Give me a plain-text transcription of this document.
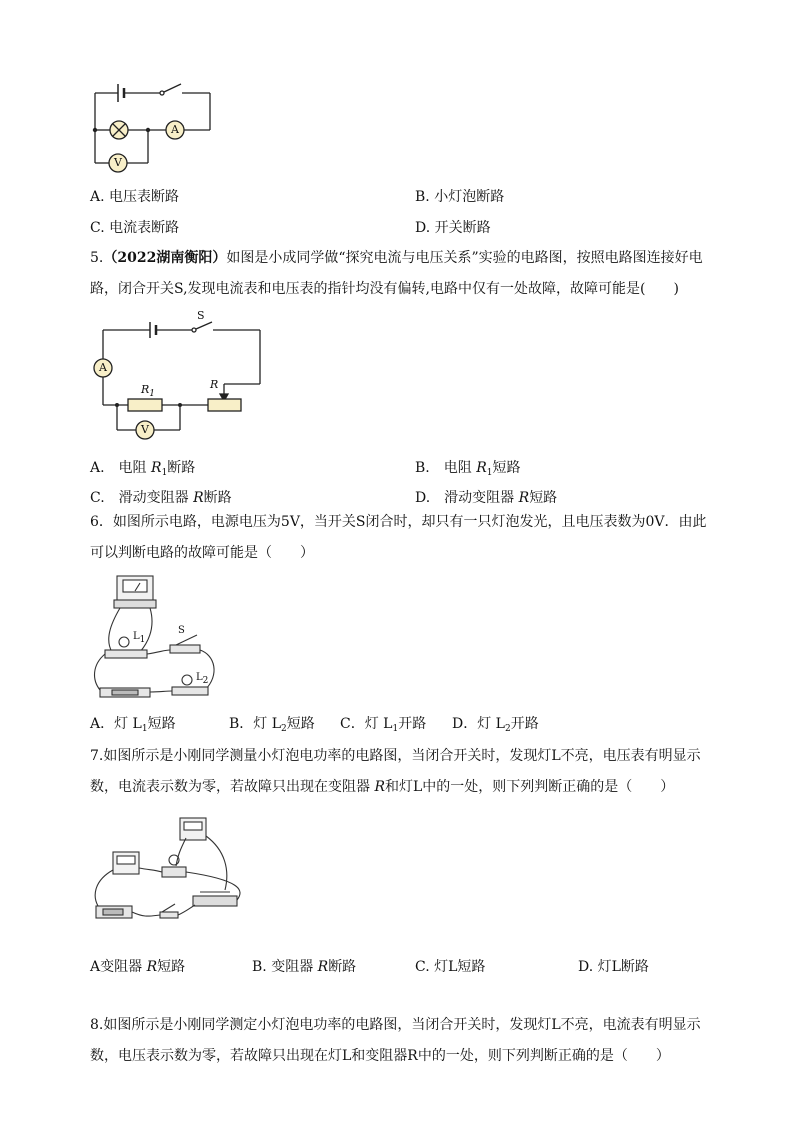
A
V
A. 电压表断路	B. 小灯泡断路
C. 电流表断路	D. 开关断路
5.（2022湖南衡阳）如图是小成同学做“探究电流与电压关系”实验的电路图，按照电路图连接好电路，闭合开关S,发现电流表和电压表的指针均没有偏转,电路中仅有一处故障，故障可能是(　　)
S
A
$R_1$
R
V
A.　电阻 $R_1$断路	B.　电阻 $R_1$短路
C.　滑动变阻器 R断路	D.　滑动变阻器 R短路
6．如图所示电路，电源电压为5V，当开关S闭合时，却只有一只灯泡发光，且电压表数为0V．由此可以判断电路的故障可能是（　　）
L1
S
L2
A．灯 $L_1$短路	B．灯 $L_2$短路 C．灯 $L_1$开路 D．灯 $L_2$开路
7.如图所示是小刚同学测量小灯泡电功率的电路图，当闭合开关时，发现灯L不亮，电压表有明显示数，电流表示数为零，若故障只出现在变阻器 R和灯L中的一处，则下列判断正确的是（　　）
A变阻器 R短路	B. 变阻器 R断路	C. 灯L短路	D. 灯L断路
8.如图所示是小刚同学测定小灯泡电功率的电路图，当闭合开关时，发现灯L不亮，电流表有明显示数，电压表示数为零，若故障只出现在灯L和变阻器R中的一处，则下列判断正确的是（　　）
